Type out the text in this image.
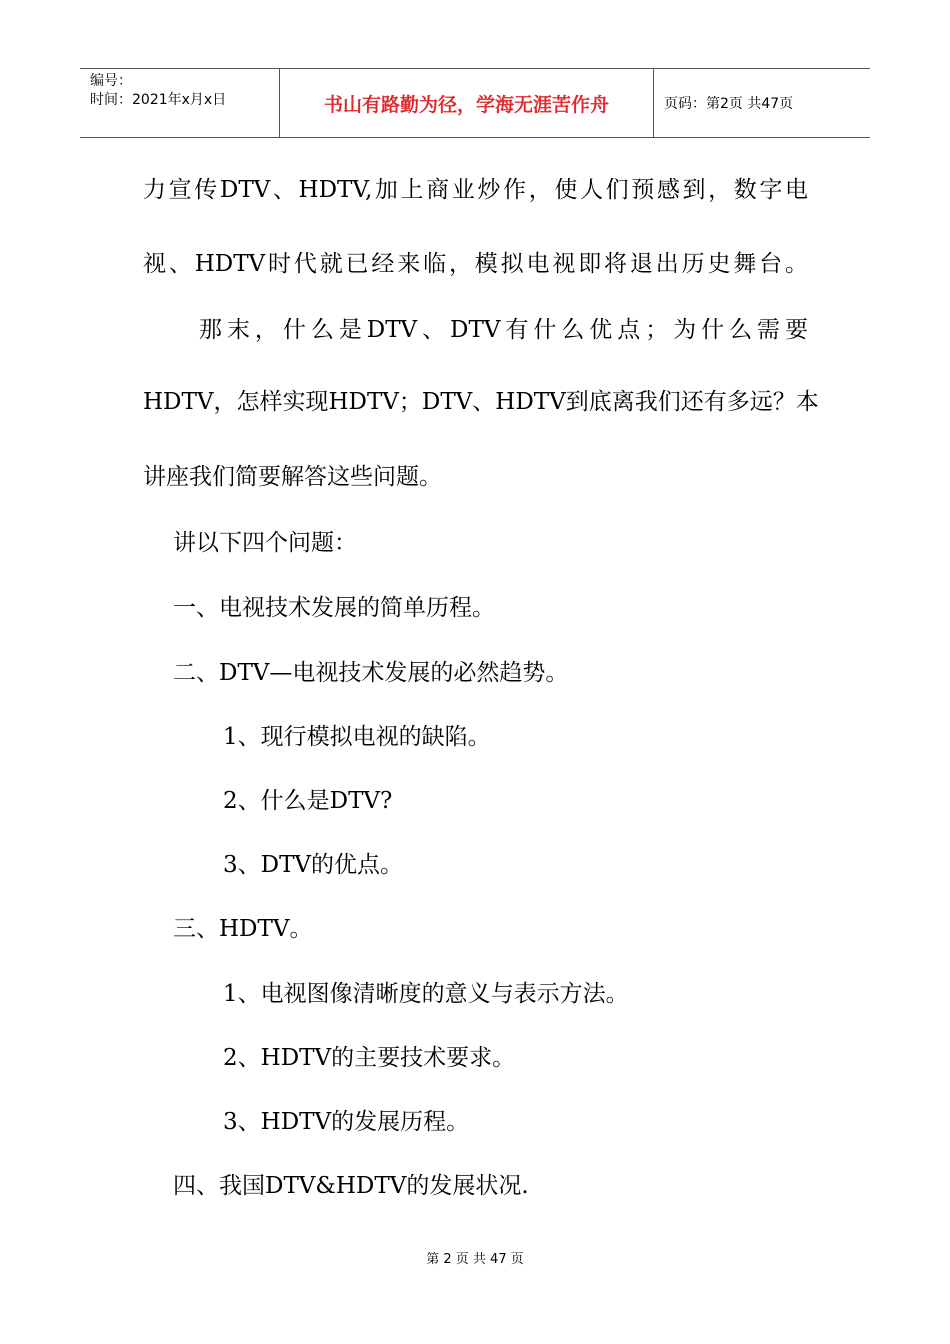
编号：
时间：2021年x月x日	书山有路勤为径，学海无涯苦作舟	页码：第2页 共47页
力宣传DTV、HDTV,加上商业炒作，使人们预感到，数字电
视、HDTV时代就已经来临，模拟电视即将退出历史舞台。
那末，什么是DTV、DTV有什么优点；为什么需要
HDTV，怎样实现HDTV；DTV、HDTV到底离我们还有多远？本
讲座我们简要解答这些问题。
讲以下四个问题：
一、电视技术发展的简单历程。
二、DTV—电视技术发展的必然趋势。
1、现行模拟电视的缺陷。
2、什么是DTV?
3、DTV的优点。
三、HDTV。
1、电视图像清晰度的意义与表示方法。
2、HDTV的主要技术要求。
3、HDTV的发展历程。
四、我国DTV&HDTV的发展状况.
第 2 页 共 47 页
